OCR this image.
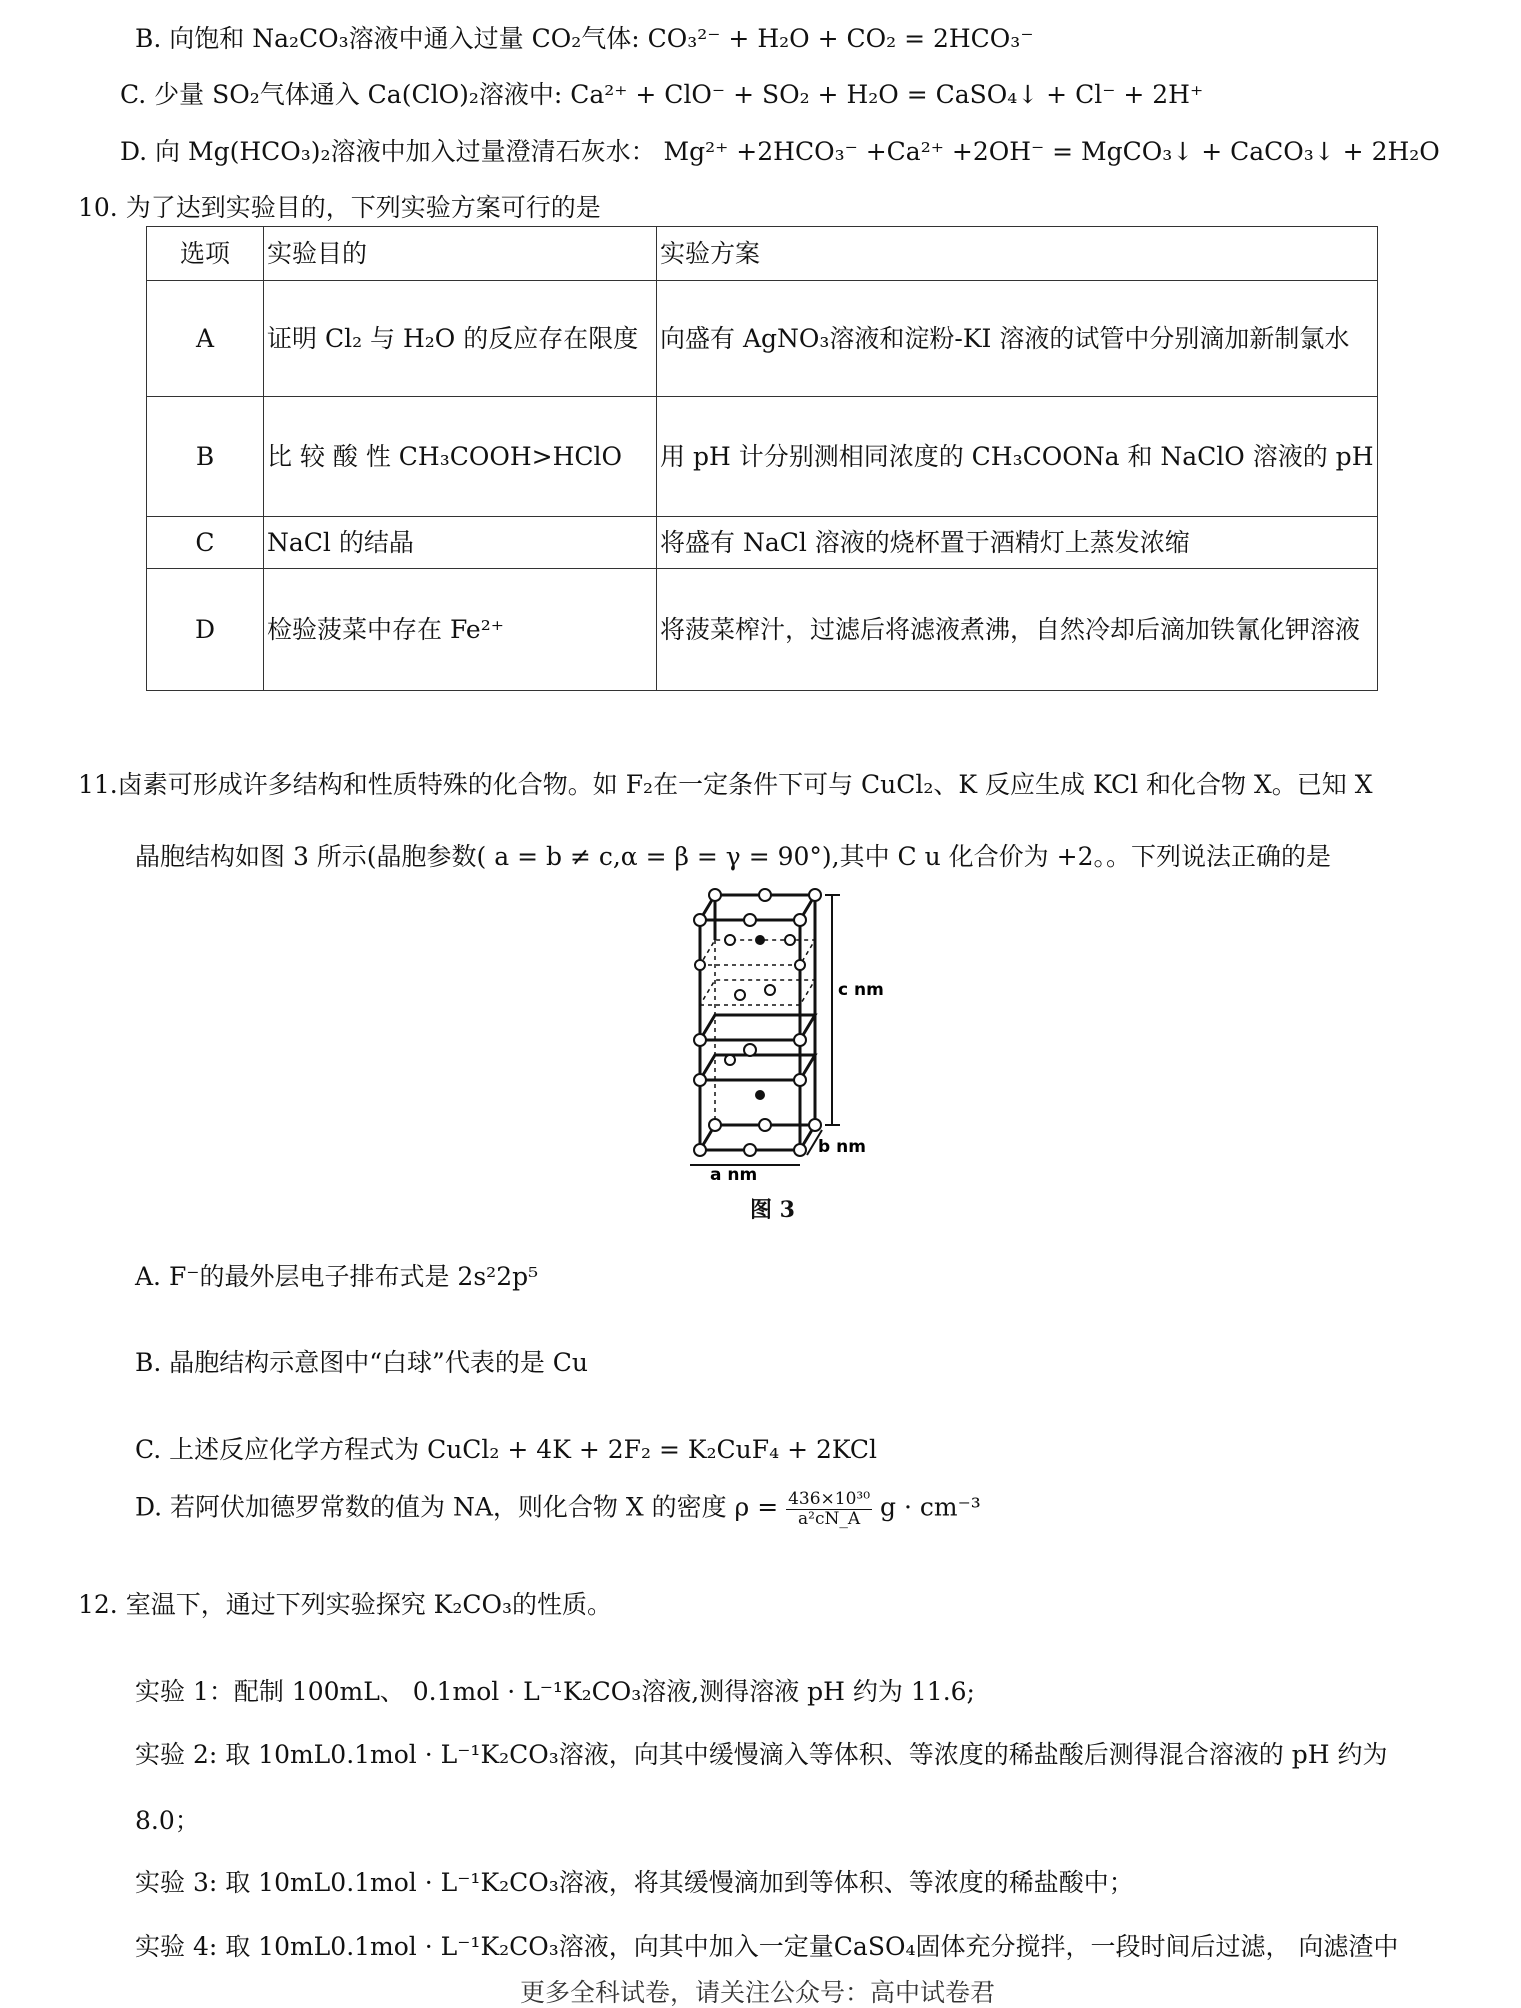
B. 向饱和 Na₂CO₃溶液中通入过量 CO₂气体: CO₃²⁻ + H₂O + CO₂ = 2HCO₃⁻
C. 少量 SO₂气体通入 Ca(ClO)₂溶液中: Ca²⁺ + ClO⁻ + SO₂ + H₂O = CaSO₄↓ + Cl⁻ + 2H⁺
D. 向 Mg(HCO₃)₂溶液中加入过量澄清石灰水： Mg²⁺ +2HCO₃⁻ +Ca²⁺ +2OH⁻ = MgCO₃↓ + CaCO₃↓ + 2H₂O
10. 为了达到实验目的，下列实验方案可行的是
选项	实验目的	实验方案
A	证明 Cl₂ 与 H₂O 的反应存在限度	向盛有 AgNO₃溶液和淀粉-KI 溶液的试管中分别滴加新制氯水
B	比 较 酸 性 CH₃COOH>HClO	用 pH 计分别测相同浓度的 CH₃COONa 和 NaClO 溶液的 pH
C	NaCl 的结晶	将盛有 NaCl 溶液的烧杯置于酒精灯上蒸发浓缩
D	检验菠菜中存在 Fe²⁺	将菠菜榨汁，过滤后将滤液煮沸，自然冷却后滴加铁氰化钾溶液
11.卤素可形成许多结构和性质特殊的化合物。如 F₂在一定条件下可与 CuCl₂、K 反应生成 KCl 和化合物 X。已知 X
晶胞结构如图 3 所示(晶胞参数( a = b ≠ c,α = β = γ = 90°),其中 C u 化合价为 +2。。下列说法正确的是
c nm
b nm
a nm
图 3
A. F⁻的最外层电子排布式是 2s²2p⁵
B. 晶胞结构示意图中“白球”代表的是 Cu
C. 上述反应化学方程式为 CuCl₂ + 4K + 2F₂ = K₂CuF₄ + 2KCl
D. 若阿伏加德罗常数的值为 NA，则化合物 X 的密度 $\rho = \frac{\text{436×10³⁰}}{\text{a²cN\_A}}$ g · cm⁻³
12. 室温下，通过下列实验探究 K₂CO₃的性质。
实验 1：配制 100mL、 0.1mol · L⁻¹K₂CO₃溶液,测得溶液 pH 约为 11.6;
实验 2: 取 10mL0.1mol · L⁻¹K₂CO₃溶液，向其中缓慢滴入等体积、等浓度的稀盐酸后测得混合溶液的 pH 约为
8.0；
实验 3: 取 10mL0.1mol · L⁻¹K₂CO₃溶液，将其缓慢滴加到等体积、等浓度的稀盐酸中；
实验 4: 取 10mL0.1mol · L⁻¹K₂CO₃溶液，向其中加入一定量CaSO₄固体充分搅拌，一段时间后过滤， 向滤渣中
更多全科试卷，请关注公众号：高中试卷君
